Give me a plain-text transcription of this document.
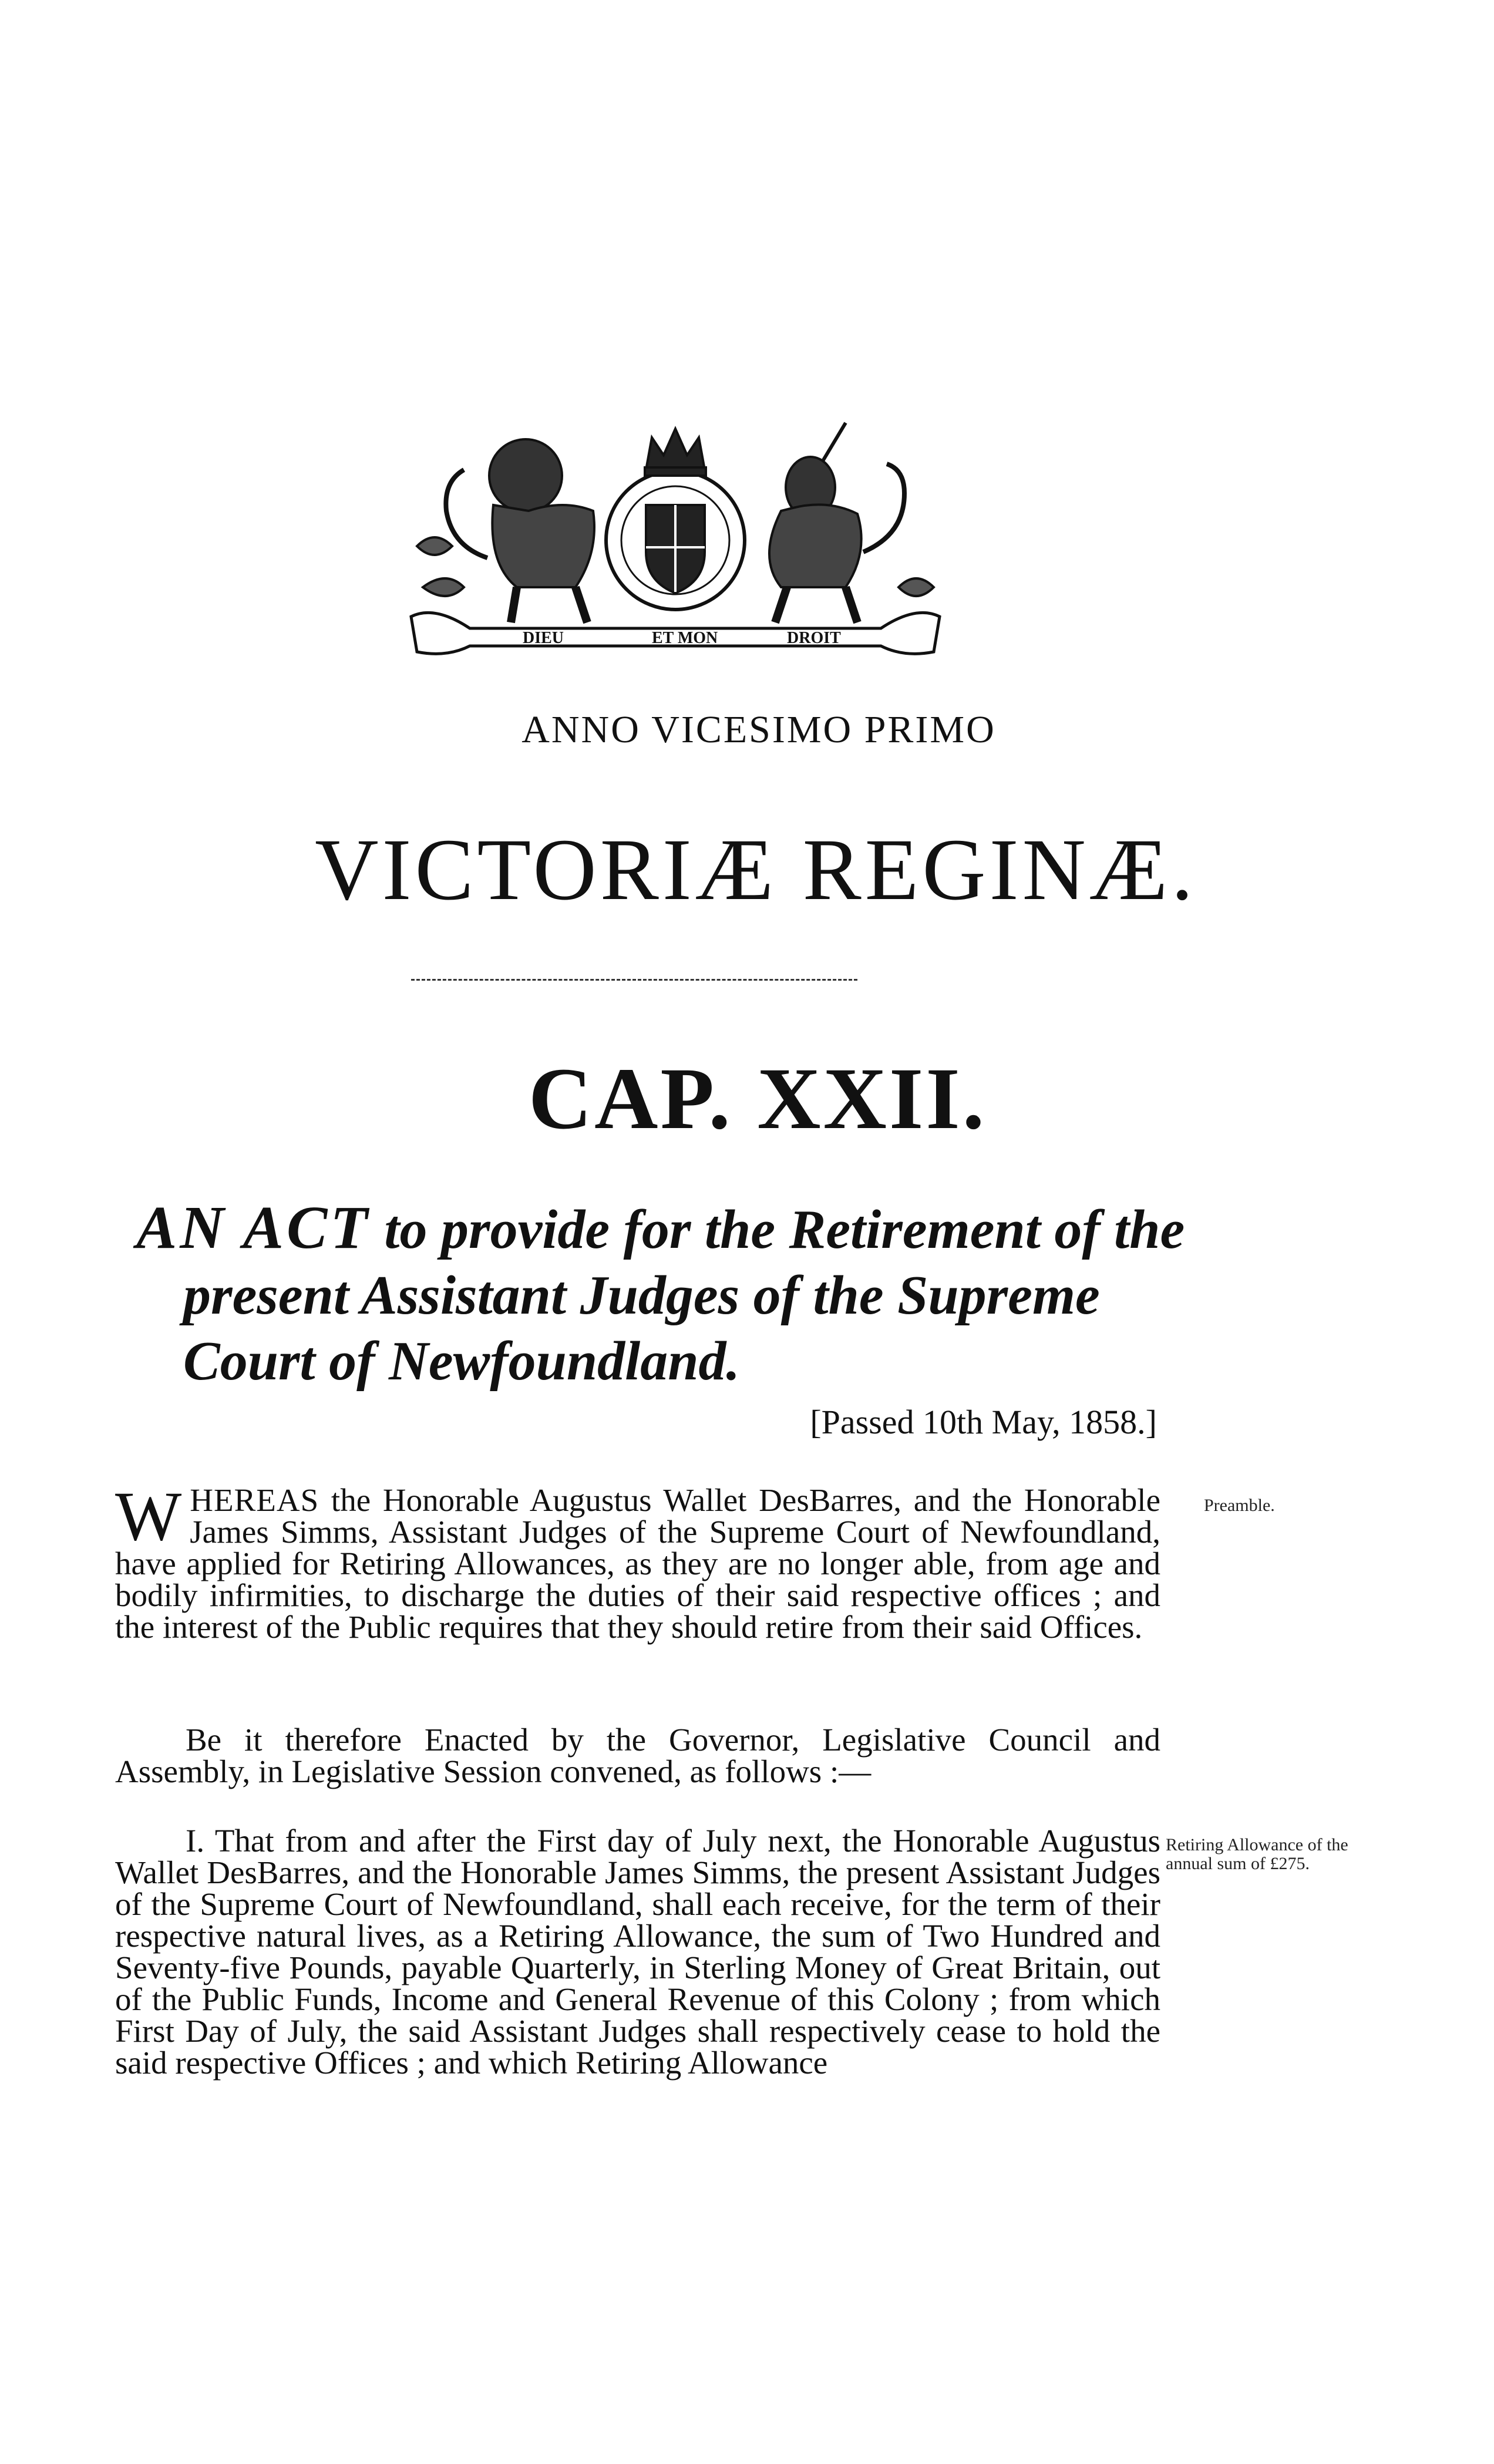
DIEU	ET MON	DROIT
ANNO VICESIMO PRIMO
VICTORIÆ REGINÆ.
CAP. XXII.
AN ACT to provide for the Retirement of the present Assistant Judges of the Supreme Court of Newfoundland.
[Passed 10th May, 1858.]
WHEREAS the Honorable Augustus Wallet DesBarres, and the Honorable James Simms, Assistant Judges of the Supreme Court of Newfoundland, have applied for Retiring Allowances, as they are no longer able, from age and bodily infirmities, to discharge the duties of their said respective offices ; and the interest of the Public requires that they should retire from their said Offices.
Be it therefore Enacted by the Governor, Legislative Council and Assembly, in Legislative Session convened, as follows :—
I. That from and after the First day of July next, the Honorable Augustus Wallet DesBarres, and the Honorable James Simms, the present Assistant Judges of the Supreme Court of Newfoundland, shall each receive, for the term of their respective natural lives, as a Retiring Allowance, the sum of Two Hundred and Seventy-five Pounds, payable Quarterly, in Sterling Money of Great Britain, out of the Public Funds, Income and General Revenue of this Colony ; from which First Day of July, the said Assistant Judges shall respectively cease to hold the said respective Offices ; and which Retiring Allowance
Preamble.
Retiring Allowance of the annual sum of £275.
